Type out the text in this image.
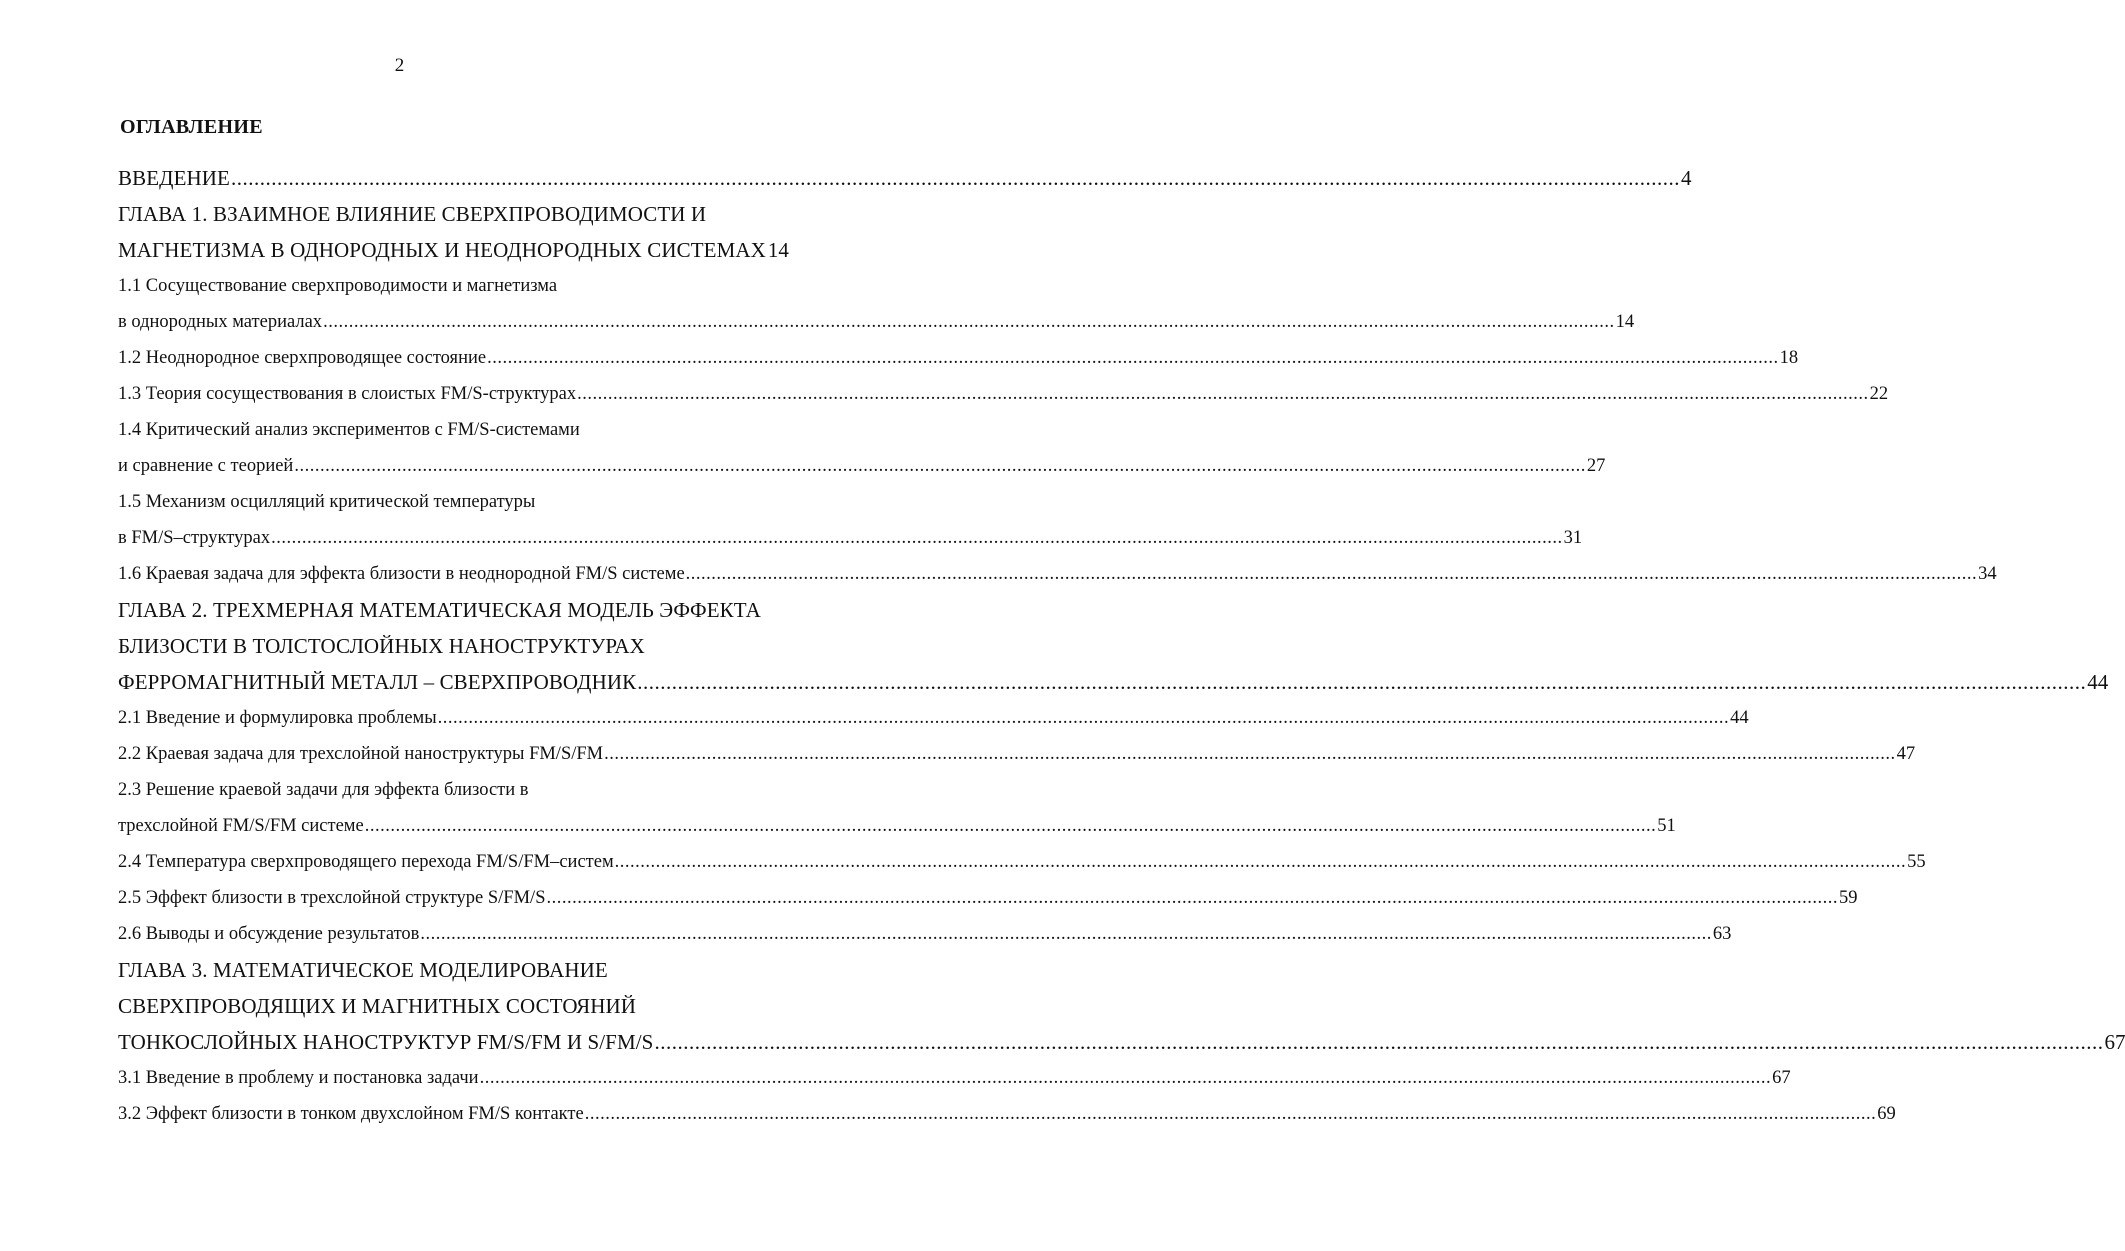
2
ОГЛАВЛЕНИЕ
ВВЕДЕНИЕ .....	4
ГЛАВА 1. ВЗАИМНОЕ ВЛИЯНИЕ СВЕРХПРОВОДИМОСТИ И
МАГНЕТИЗМА В ОДНОРОДНЫХ И НЕОДНОРОДНЫХ СИСТЕМАХ 14
1.1 Сосуществование сверхпроводимости и магнетизма
в однородных материалах .....	14
1.2 Неоднородное сверхпроводящее состояние .....	18
1.3 Теория сосуществования в слоистых FM/S-структурах .....	22
1.4 Критический анализ экспериментов с FM/S-системами
и сравнение с теорией .....	27
1.5 Механизм осцилляций критической температуры
в FM/S–структурах .....	31
1.6 Краевая задача для эффекта близости в неоднородной FM/S системе .....	34
ГЛАВА 2. ТРЕХМЕРНАЯ МАТЕМАТИЧЕСКАЯ МОДЕЛЬ ЭФФЕКТА
БЛИЗОСТИ В ТОЛСТОСЛОЙНЫХ НАНОСТРУКТУРАХ
ФЕРРОМАГНИТНЫЙ МЕТАЛЛ – СВЕРХПРОВОДНИК .....	44
2.1 Введение и формулировка проблемы .....	44
2.2 Краевая задача для трехслойной наноструктуры FM/S/FM .....	47
2.3 Решение краевой задачи для эффекта близости в
трехслойной FM/S/FM системе .....	51
2.4 Температура сверхпроводящего перехода FM/S/FM–систем .....	55
2.5 Эффект близости в трехслойной структуре S/FM/S .....	59
2.6 Выводы и обсуждение результатов .....	63
ГЛАВА 3. МАТЕМАТИЧЕСКОЕ МОДЕЛИРОВАНИЕ
СВЕРХПРОВОДЯЩИХ И МАГНИТНЫХ СОСТОЯНИЙ
ТОНКОСЛОЙНЫХ НАНОСТРУКТУР FM/S/FM И S/FM/S .....	67
3.1 Введение в проблему и постановка задачи .....	67
3.2 Эффект близости в тонком двухслойном FM/S контакте .....	69
